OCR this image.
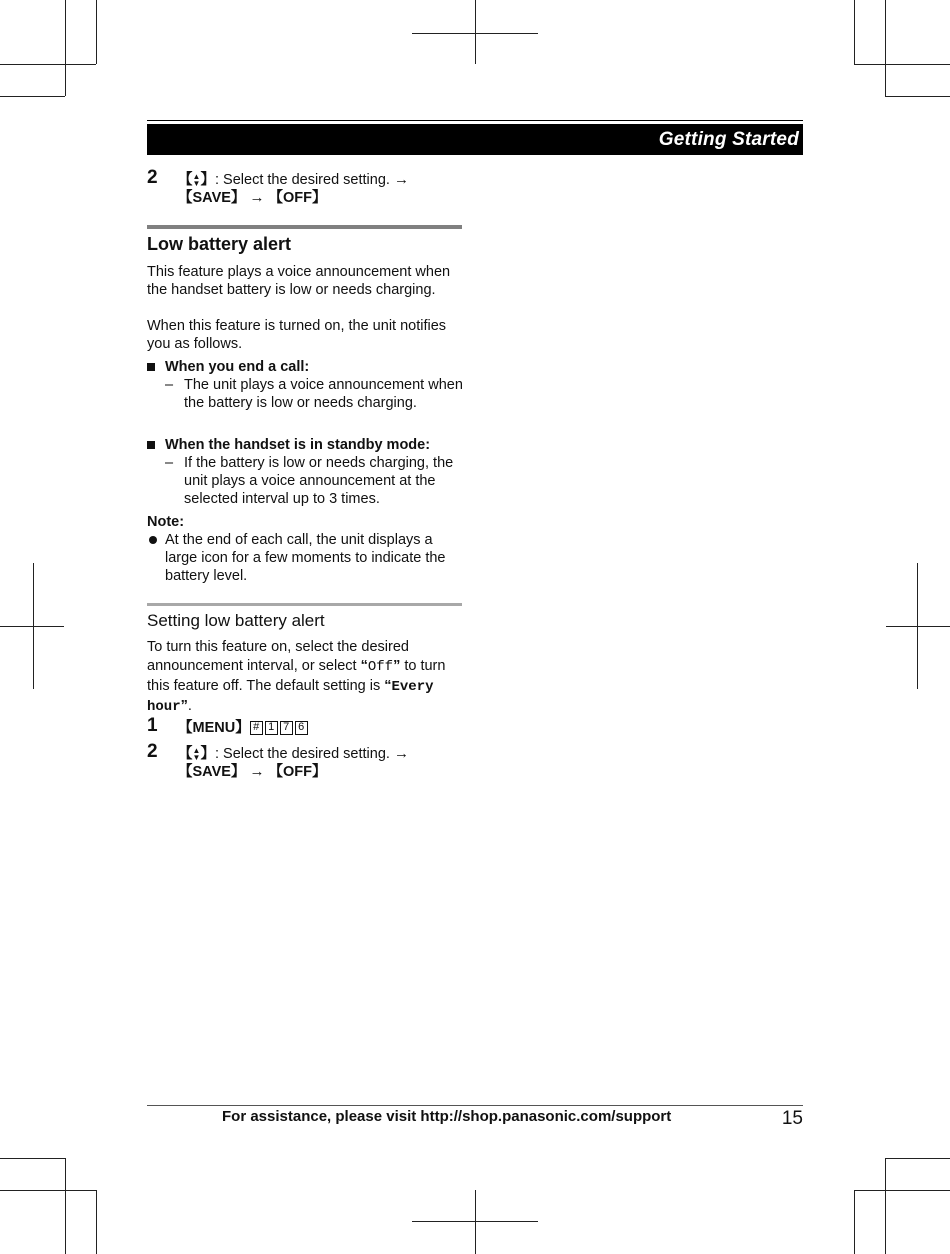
Getting Started
2 【▲
▼】: Select the desired setting. →
【SAVE】 → 【OFF】
Low battery alert
This feature plays a voice announcement when the handset battery is low or needs charging.
When this feature is turned on, the unit notifies you as follows.
When you end a call:
– The unit plays a voice announcement when the battery is low or needs charging.
When the handset is in standby mode:
– If the battery is low or needs charging, the unit plays a voice announcement at the selected interval up to 3 times.
Note:
At the end of each call, the unit displays a large icon for a few moments to indicate the battery level.
Setting low battery alert
To turn this feature on, select the desired announcement interval, or select “Off” to turn this feature off. The default setting is “Every hour”.
1 【MENU】 # 1 7 6
2 【▲
▼】: Select the desired setting. →
【SAVE】 → 【OFF】
For assistance, please visit http://shop.panasonic.com/support	15
